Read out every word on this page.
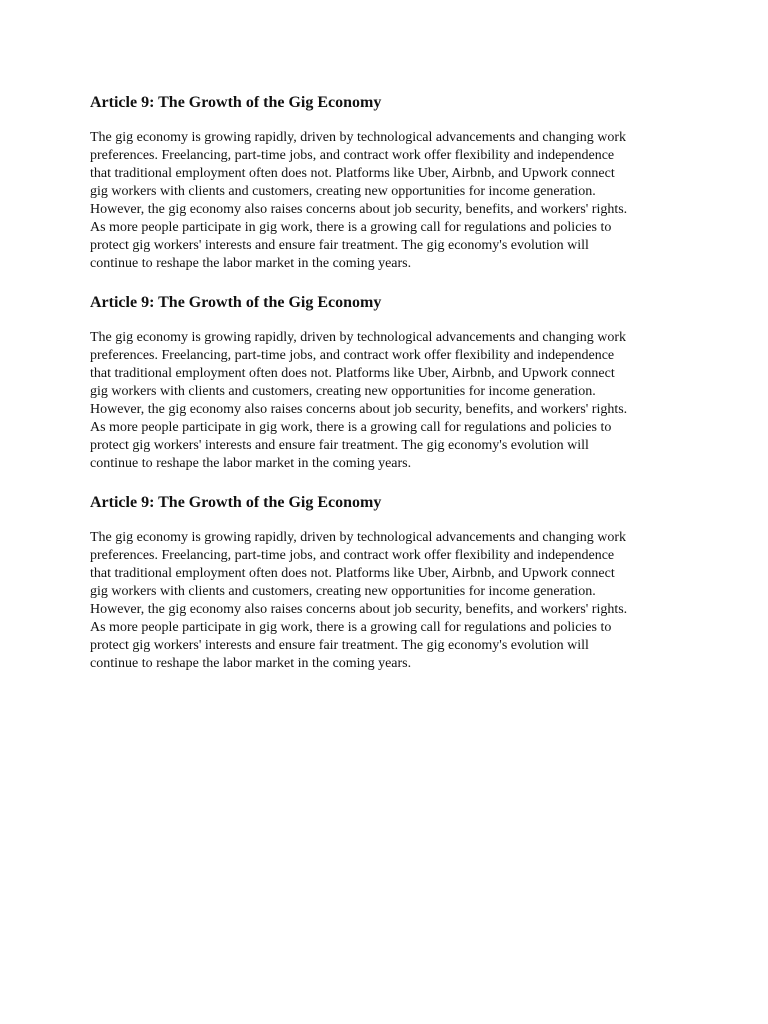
Article 9: The Growth of the Gig Economy

The gig economy is growing rapidly, driven by technological advancements and changing work
preferences. Freelancing, part-time jobs, and contract work offer flexibility and independence
that traditional employment often does not. Platforms like Uber, Airbnb, and Upwork connect
gig workers with clients and customers, creating new opportunities for income generation.
However, the gig economy also raises concerns about job security, benefits, and workers' rights.
As more people participate in gig work, there is a growing call for regulations and policies to
protect gig workers' interests and ensure fair treatment. The gig economy's evolution will
continue to reshape the labor market in the coming years.

Article 9: The Growth of the Gig Economy

The gig economy is growing rapidly, driven by technological advancements and changing work
preferences. Freelancing, part-time jobs, and contract work offer flexibility and independence
that traditional employment often does not. Platforms like Uber, Airbnb, and Upwork connect
gig workers with clients and customers, creating new opportunities for income generation.
However, the gig economy also raises concerns about job security, benefits, and workers' rights.
As more people participate in gig work, there is a growing call for regulations and policies to
protect gig workers' interests and ensure fair treatment. The gig economy's evolution will
continue to reshape the labor market in the coming years.

Article 9: The Growth of the Gig Economy

The gig economy is growing rapidly, driven by technological advancements and changing work
preferences. Freelancing, part-time jobs, and contract work offer flexibility and independence
that traditional employment often does not. Platforms like Uber, Airbnb, and Upwork connect
gig workers with clients and customers, creating new opportunities for income generation.
However, the gig economy also raises concerns about job security, benefits, and workers' rights.
As more people participate in gig work, there is a growing call for regulations and policies to
protect gig workers' interests and ensure fair treatment. The gig economy's evolution will
continue to reshape the labor market in the coming years.
